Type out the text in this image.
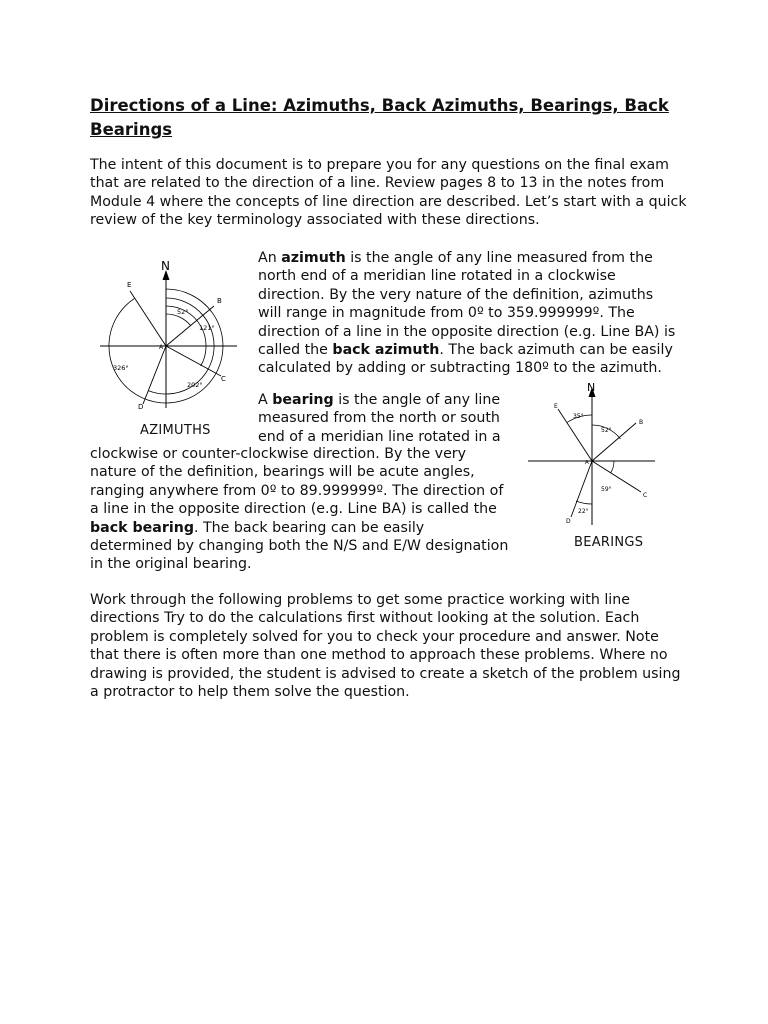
Directions of a Line: Azimuths, Back Azimuths, Bearings, Back Bearings
The intent of this document is to prepare you for any questions on the final exam that are related to the direction of a line. Review pages 8 to 13 in the notes from Module 4 where the concepts of line direction are described. Let’s start with a quick review of the key terminology associated with these directions.
N
E
B
C
D
A
52°
121°
202°
326°
AZIMUTHS
An azimuth is the angle of any line measured from the north end of a meridian line rotated in a clockwise direction. By the very nature of the definition, azimuths will range in magnitude from 0º to 359.999999º. The direction of a line in the opposite direction (e.g. Line BA) is called the back azimuth. The back azimuth can be easily calculated by adding or subtracting 180º to the azimuth.
A bearing is the angle of any line measured from the north or south end of a meridian line rotated in a
clockwise or counter-clockwise direction. By the very nature of the definition, bearings will be acute angles, ranging anywhere from 0º to 89.999999º. The direction of a line in the opposite direction (e.g. Line BA) is called the back bearing. The back bearing can be easily determined by changing both the N/S and E/W designation in the original bearing.
N
E
B
C
D
A
35°
52°
59°
22°
BEARINGS
Work through the following problems to get some practice working with line directions Try to do the calculations first without looking at the solution. Each problem is completely solved for you to check your procedure and answer. Note that there is often more than one method to approach these problems. Where no drawing is provided, the student is advised to create a sketch of the problem using a protractor to help them solve the question.
